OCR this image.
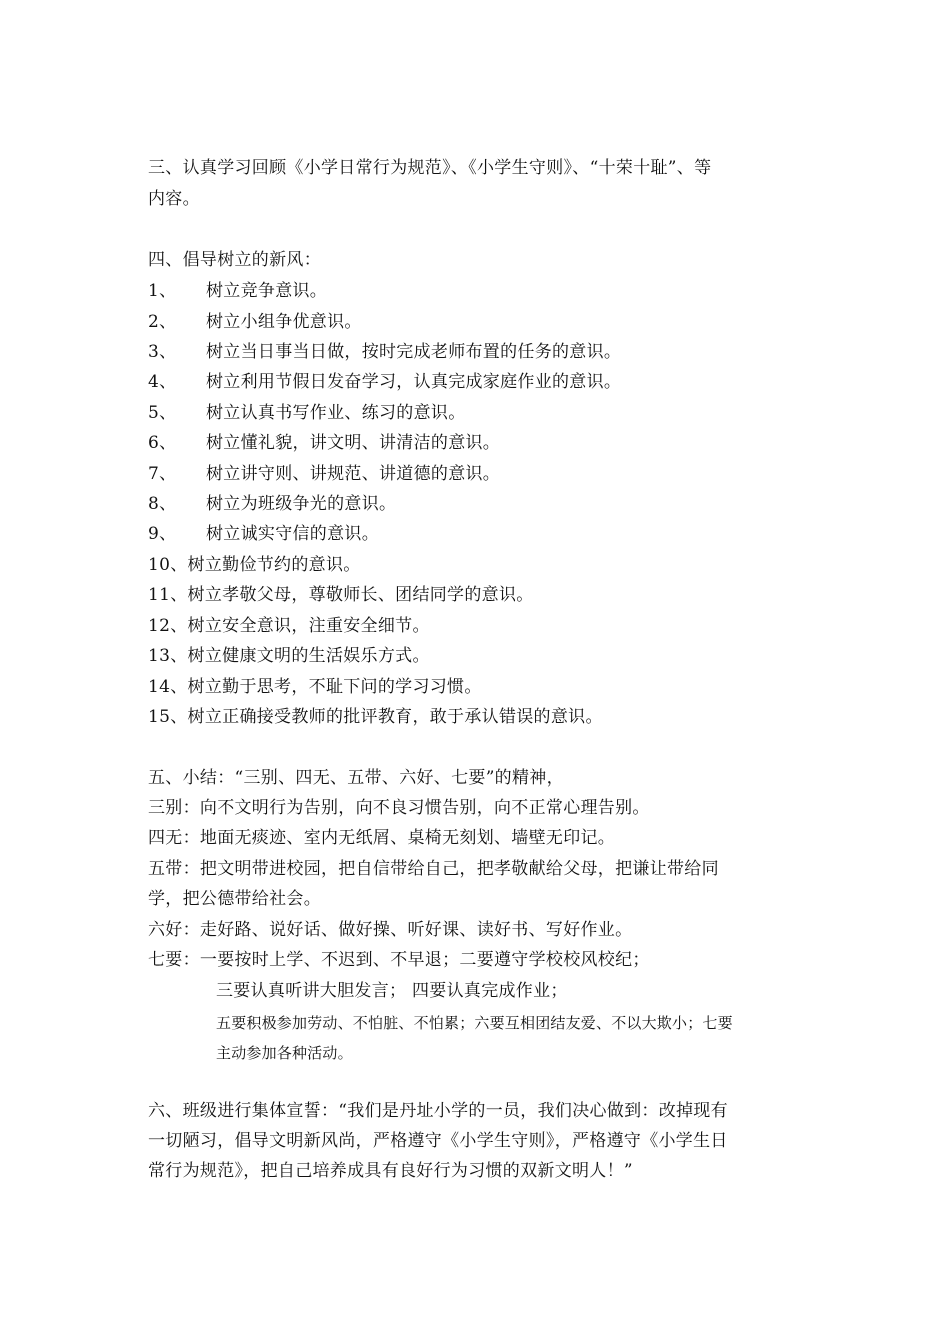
三、认真学习回顾《小学日常行为规范》、《小学生守则》、“十荣十耻”、等
内容。
四、倡导树立的新风：
1、 树立竞争意识。
2、 树立小组争优意识。
3、 树立当日事当日做，按时完成老师布置的任务的意识。
4、 树立利用节假日发奋学习，认真完成家庭作业的意识。
5、 树立认真书写作业、练习的意识。
6、 树立懂礼貌，讲文明、讲清洁的意识。
7、 树立讲守则、讲规范、讲道德的意识。
8、 树立为班级争光的意识。
9、 树立诚实守信的意识。
10、树立勤俭节约的意识。
11、树立孝敬父母，尊敬师长、团结同学的意识。
12、树立安全意识，注重安全细节。
13、树立健康文明的生活娱乐方式。
14、树立勤于思考，不耻下问的学习习惯。
15、树立正确接受教师的批评教育，敢于承认错误的意识。
五、小结：“三别、四无、五带、六好、七要”的精神，
三别：向不文明行为告别，向不良习惯告别，向不正常心理告别。
四无：地面无痰迹、室内无纸屑、桌椅无刻划、墙壁无印记。
五带：把文明带进校园，把自信带给自己，把孝敬献给父母，把谦让带给同
学，把公德带给社会。
六好：走好路、说好话、做好操、听好课、读好书、写好作业。
七要：一要按时上学、不迟到、不早退；二要遵守学校校风校纪；
三要认真听讲大胆发言； 四要认真完成作业；
五要积极参加劳动、不怕脏、不怕累；六要互相团结友爱、不以大欺小；七要
主动参加各种活动。
六、班级进行集体宣誓：“我们是丹址小学的一员，我们决心做到：改掉现有
一切陋习，倡导文明新风尚，严格遵守《小学生守则》，严格遵守《小学生日
常行为规范》，把自己培养成具有良好行为习惯的双新文明人！”
